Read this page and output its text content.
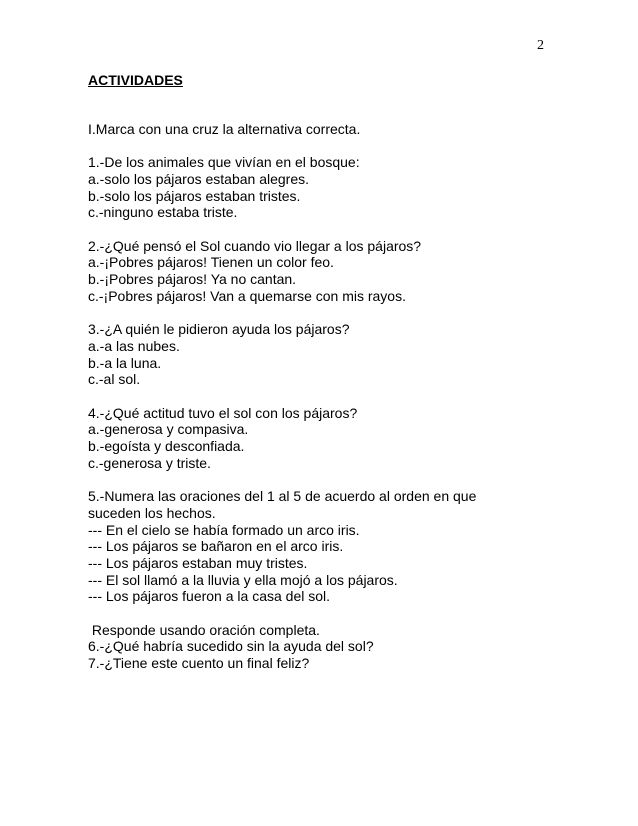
2
ACTIVIDADES
I.Marca con una cruz la alternativa correcta.
1.-De los animales que vivían en el bosque:
a.-solo los pájaros estaban alegres.
b.-solo los pájaros estaban tristes.
c.-ninguno estaba triste.
2.-¿Qué pensó el Sol cuando vio llegar a los pájaros?
a.-¡Pobres pájaros! Tienen un color feo.
b.-¡Pobres pájaros! Ya no cantan.
c.-¡Pobres pájaros! Van a quemarse con mis rayos.
3.-¿A quién le pidieron ayuda los pájaros?
a.-a las nubes.
b.-a la luna.
c.-al sol.
4.-¿Qué actitud tuvo el sol con los pájaros?
a.-generosa y compasiva.
b.-egoísta y desconfiada.
c.-generosa y triste.
5.-Numera las oraciones del 1 al 5 de acuerdo al orden en que
suceden los hechos.
--- En el cielo se había formado un arco iris.
--- Los pájaros se bañaron en el arco iris.
--- Los pájaros estaban muy tristes.
--- El sol llamó a la lluvia y ella mojó a los pájaros.
--- Los pájaros fueron a la casa del sol.
Responde usando oración completa.
6.-¿Qué habría sucedido sin la ayuda del sol?
7.-¿Tiene este cuento un final feliz?
